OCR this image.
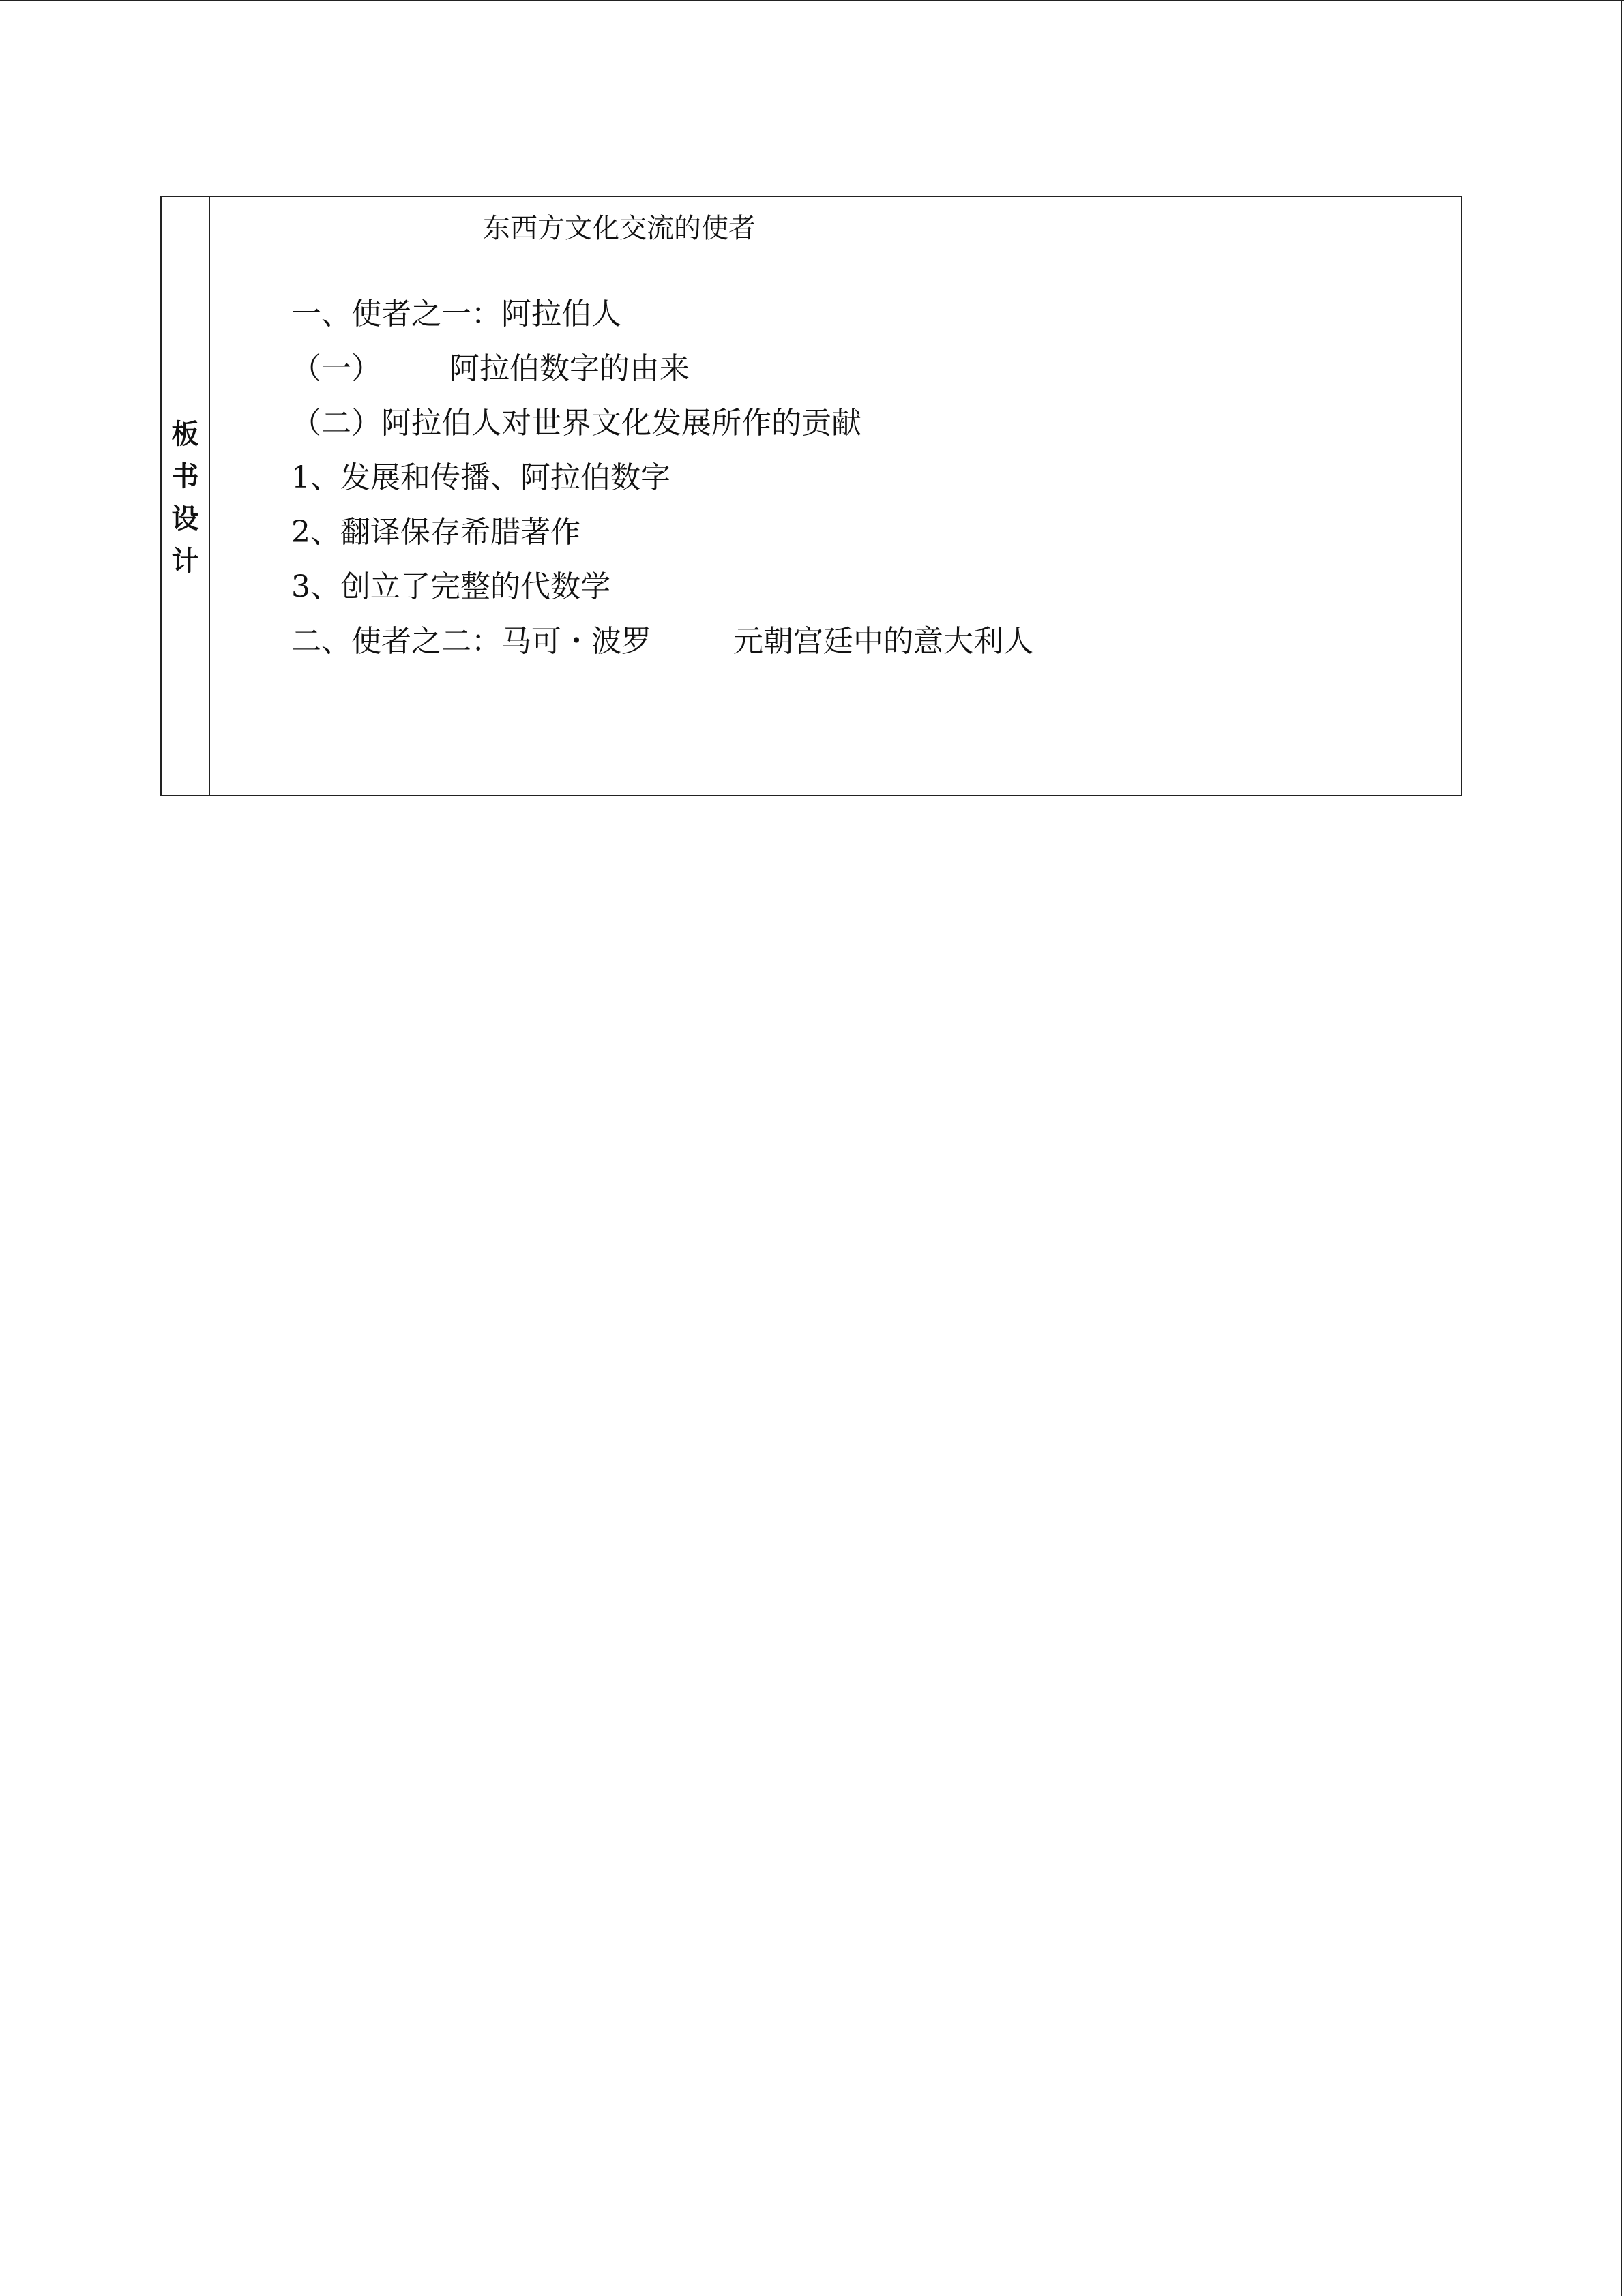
板
书
设
计
东西方文化交流的使者
一、使者之一：阿拉伯人
（一） 阿拉伯数字的由来
（二）阿拉伯人对世界文化发展所作的贡献
1、发展和传播、阿拉伯数字
2、翻译保存希腊著作
3、创立了完整的代数学
二、使者之二：马可・波罗	元朝宫廷中的意大利人
